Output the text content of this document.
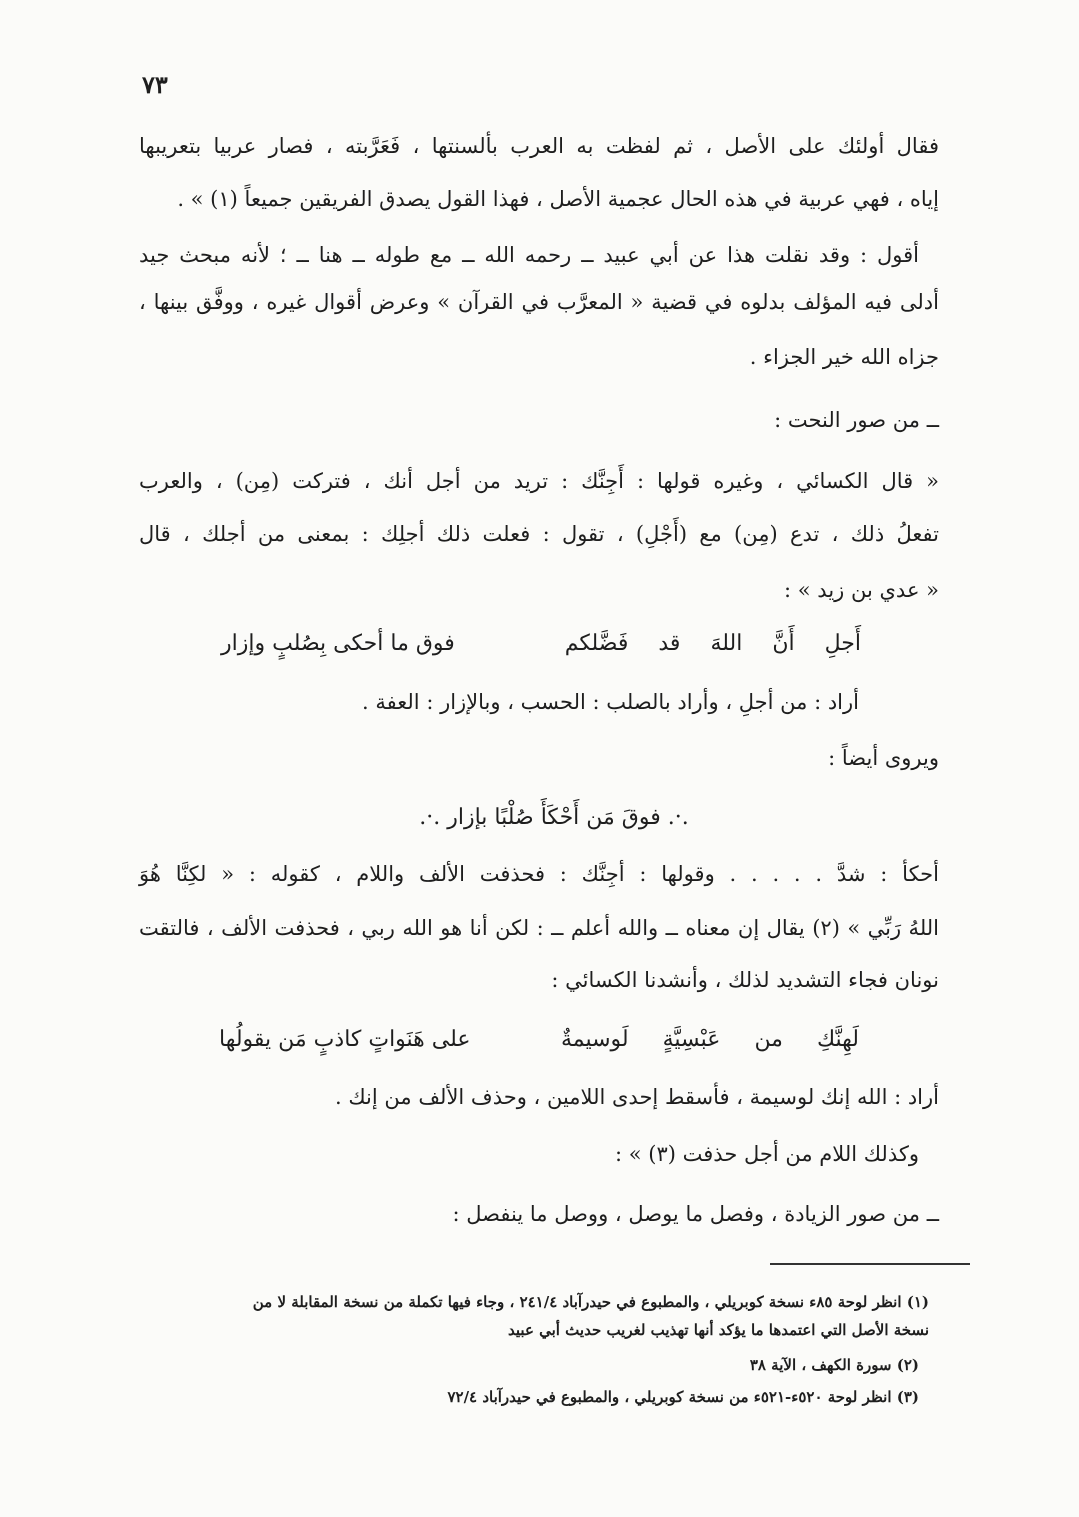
٧٣
فقال أولئك على الأصل ، ثم لفظت به العرب بألسنتها ، فَعَرَّبته ، فصار عربيا بتعريبها
إياه ، فهي عربية في هذه الحال عجمية الأصل ، فهذا القول يصدق الفريقين جميعاً (١) » .
أقول : وقد نقلت هذا عن أبي عبيد ــ رحمه الله ــ مع طوله ــ هنا ــ ؛ لأنه مبحث جيد
أدلى فيه المؤلف بدلوه في قضية « المعرَّب في القرآن » وعرض أقوال غيره ، ووفَّق بينها ،
جزاه الله خير الجزاء .
ــ من صور النحت :
« قال الكسائي ، وغيره قولها : أَجِنَّك : تريد من أجل أنك ، فتركت (مِن) ، والعرب
تفعلُ ذلك ، تدع (مِن) مع (أَجْلِ) ، تقول : فعلت ذلك أجلِك : بمعنى من أجلك ، قال
« عدي بن زيد » :
أَجلِ
أَنَّ
اللهَ
قد
فَضَّلكم
فوق ما أحكى بِصُلبٍ وإزار
أراد : من أجلِ ، وأراد بالصلب : الحسب ، وبالإزار : العفة .
ويروى أيضاً :
.·. فوقَ مَن أَحْكَأَ صُلْبًا بإزار .·.
أحكأ : شدَّ . . . . . وقولها : أجِنَّك : فحذفت الألف واللام ، كقوله : « لكِنَّا هُوَ
اللهُ رَبِّي » (٢) يقال إن معناه ــ والله أعلم ــ : لكن أنا هو الله ربي ، فحذفت الألف ، فالتقت
نونان فجاء التشديد لذلك ، وأنشدنا الكسائي :
لَهِنَّكِ
من
عَبْسِيَّةٍ
لَوسيمةٌ
على هَنَواتٍ كاذبٍ مَن يقولُها
أراد : الله إنك لوسيمة ، فأسقط إحدى اللامين ، وحذف الألف من إنك .
وكذلك اللام من أجل حذفت (٣) » :
ــ من صور الزيادة ، وفصل ما يوصل ، ووصل ما ينفصل :
(١) انظر لوحة ٨٥ء نسخة كوبريلي ، والمطبوع في حيدرآباد ٢٤١/٤ ، وجاء فيها تكملة من نسخة المقابلة لا من
نسخة الأصل التي اعتمدها ما يؤكد أنها تهذيب لغريب حديث أبي عبيد
(٢) سورة الكهف ، الآية ٣٨
(٣) انظر لوحة ٥٢٠ء-٥٢١ء من نسخة كوبريلي ، والمطبوع في حيدرآباد ٧٢/٤
